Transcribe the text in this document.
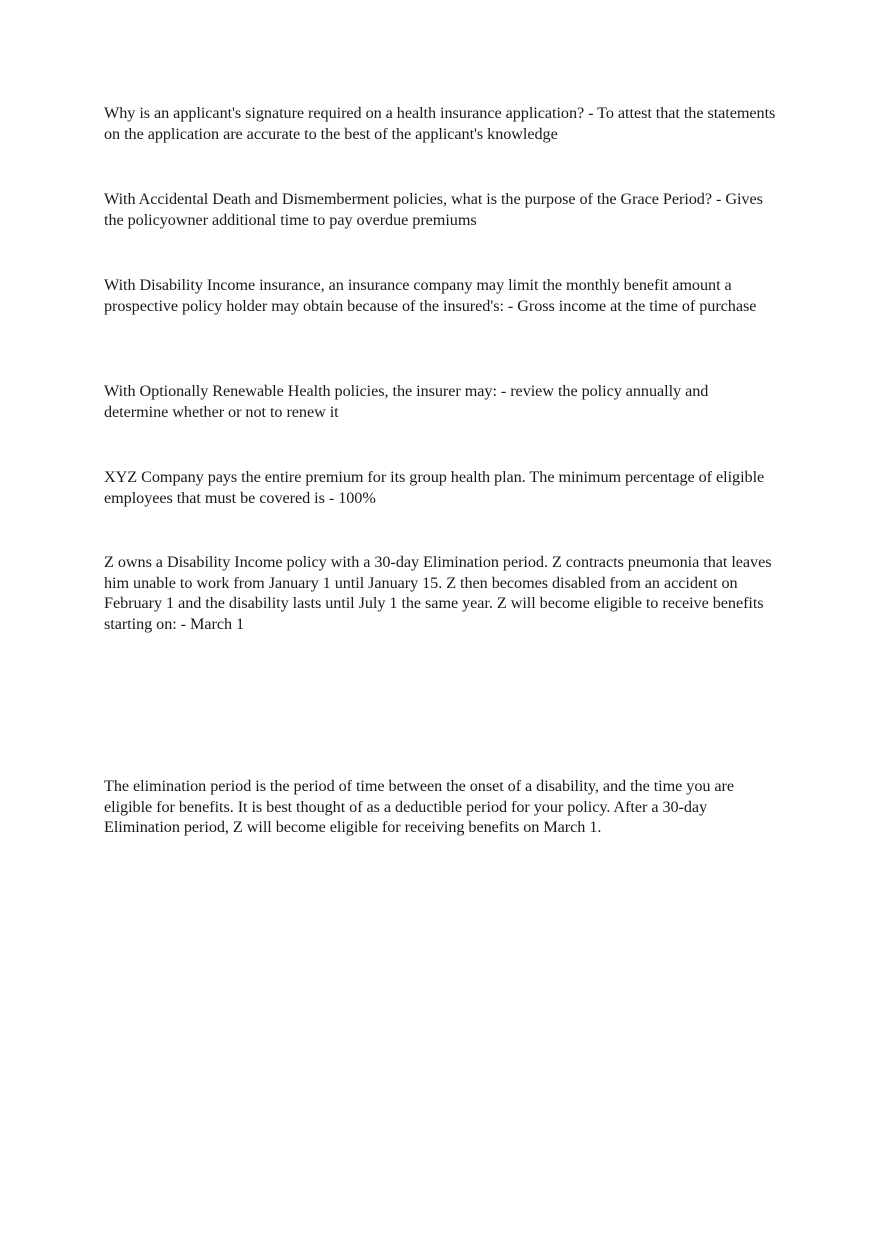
Why is an applicant's signature required on a health insurance application? - To attest that the statements on the application are accurate to the best of the applicant's knowledge

With Accidental Death and Dismemberment policies, what is the purpose of the Grace Period? - Gives the policyowner additional time to pay overdue premiums

With Disability Income insurance, an insurance company may limit the monthly benefit amount a prospective policy holder may obtain because of the insured's: - Gross income at the time of purchase

With Optionally Renewable Health policies, the insurer may: - review the policy annually and determine whether or not to renew it

XYZ Company pays the entire premium for its group health plan. The minimum percentage of eligible employees that must be covered is - 100%

Z owns a Disability Income policy with a 30-day Elimination period. Z contracts pneumonia that leaves him unable to work from January 1 until January 15. Z then becomes disabled from an accident on February 1 and the disability lasts until July 1 the same year. Z will become eligible to receive benefits starting on: - March 1

The elimination period is the period of time between the onset of a disability, and the time you are eligible for benefits. It is best thought of as a deductible period for your policy. After a 30-day Elimination period, Z will become eligible for receiving benefits on March 1.
